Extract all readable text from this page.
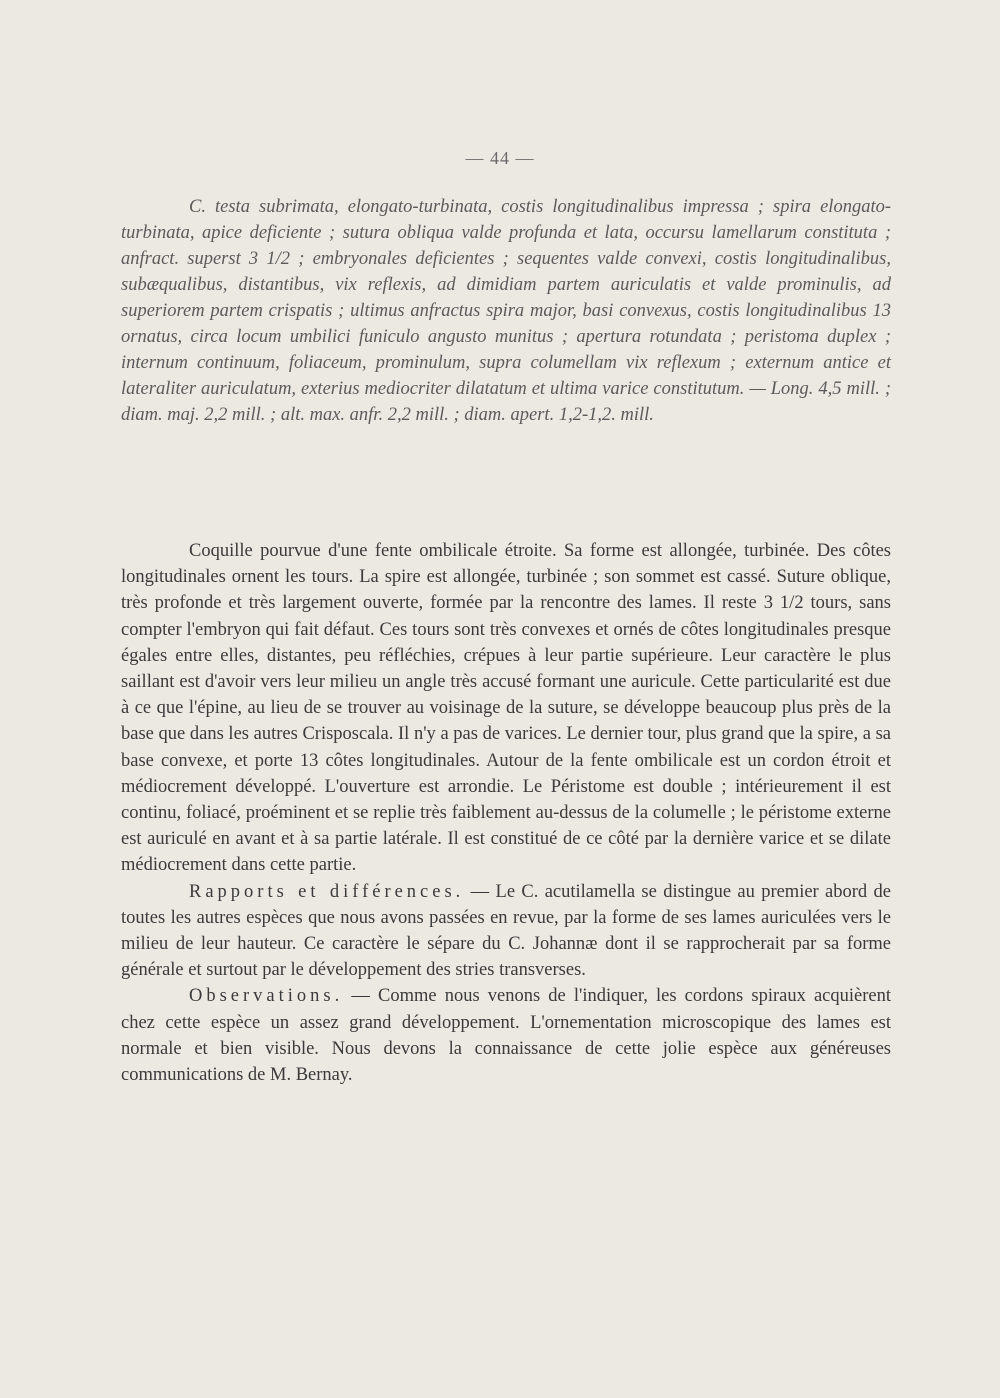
— 44 —

C. testa subrimata, elongato-turbinata, costis longitudinalibus impressa ; spira elongato-turbinata, apice deficiente ; sutura obliqua valde profunda et lata, occursu lamellarum constituta ; anfract. superst 3 1/2 ; embryonales deficientes ; sequentes valde convexi, costis longitudinalibus, subæqualibus, distantibus, vix reflexis, ad dimidiam partem auriculatis et valde prominulis, ad superiorem partem crispatis ; ultimus anfractus spira major, basi convexus, costis longitudinalibus 13 ornatus, circa locum umbilici funiculo angusto munitus ; apertura rotundata ; peristoma duplex ; internum continuum, foliaceum, prominulum, supra columellam vix reflexum ; externum antice et lateraliter auriculatum, exterius mediocriter dilatatum et ultima varice constitutum. — Long. 4,5 mill. ; diam. maj. 2,2 mill. ; alt. max. anfr. 2,2 mill. ; diam. apert. 1,2-1,2. mill.

Coquille pourvue d'une fente ombilicale étroite. Sa forme est allongée, turbinée. Des côtes longitudinales ornent les tours. La spire est allongée, turbinée ; son sommet est cassé. Suture oblique, très profonde et très largement ouverte, formée par la rencontre des lames. Il reste 3 1/2 tours, sans compter l'embryon qui fait défaut. Ces tours sont très convexes et ornés de côtes longitudinales presque égales entre elles, distantes, peu réfléchies, crépues à leur partie supérieure. Leur caractère le plus saillant est d'avoir vers leur milieu un angle très accusé formant une auricule. Cette particularité est due à ce que l'épine, au lieu de se trouver au voisinage de la suture, se développe beaucoup plus près de la base que dans les autres Crisposcala. Il n'y a pas de varices. Le dernier tour, plus grand que la spire, a sa base convexe, et porte 13 côtes longitudinales. Autour de la fente ombilicale est un cordon étroit et médiocrement développé. L'ouverture est arrondie. Le Péristome est double ; intérieurement il est continu, foliacé, proéminent et se replie très faiblement au-dessus de la columelle ; le péristome externe est auriculé en avant et à sa partie latérale. Il est constitué de ce côté par la dernière varice et se dilate médiocrement dans cette partie.

Rapports et différences. — Le C. acutilamella se distingue au premier abord de toutes les autres espèces que nous avons passées en revue, par la forme de ses lames auriculées vers le milieu de leur hauteur. Ce caractère le sépare du C. Johannæ dont il se rapprocherait par sa forme générale et surtout par le développement des stries transverses.

Observations. — Comme nous venons de l'indiquer, les cordons spiraux acquièrent chez cette espèce un assez grand développement. L'ornementation microscopique des lames est normale et bien visible. Nous devons la connaissance de cette jolie espèce aux généreuses communications de M. Bernay.
